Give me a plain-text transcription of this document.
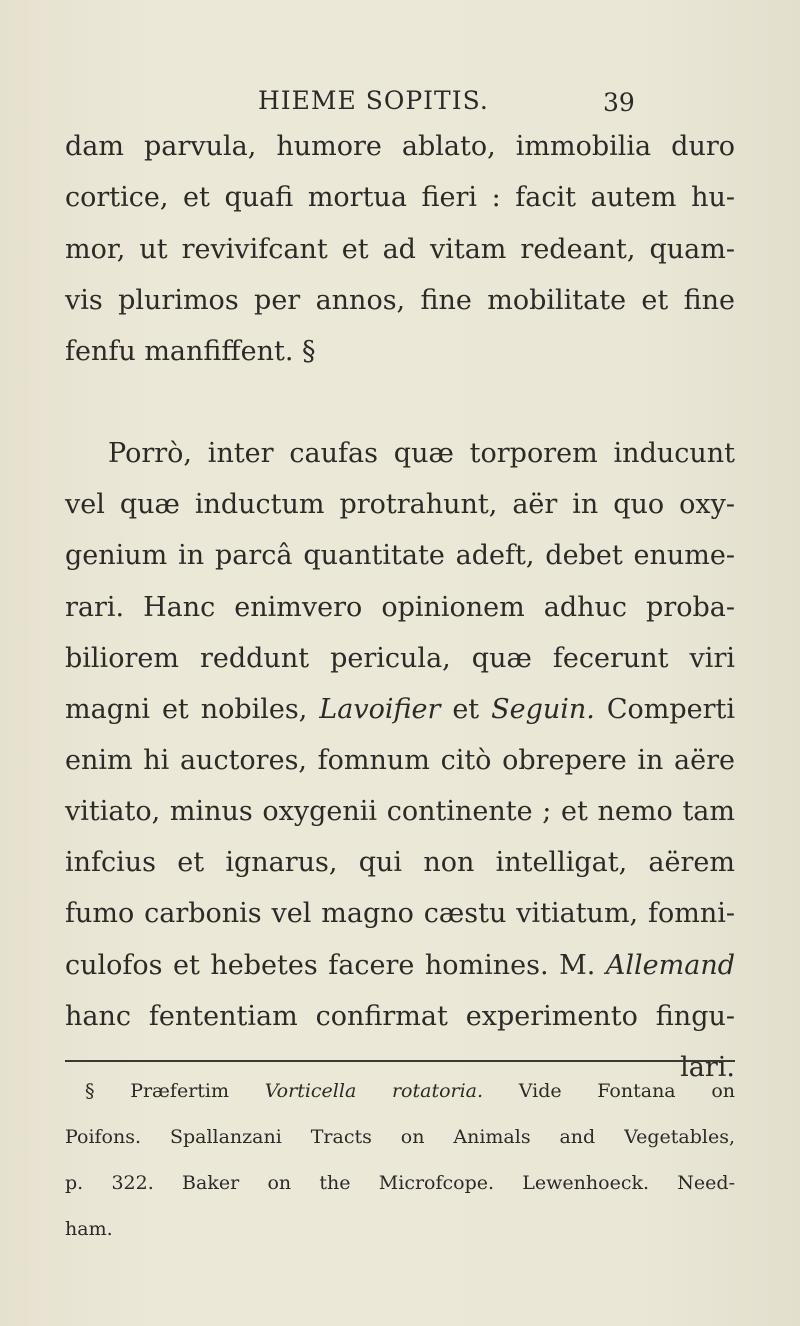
HIEME SOPITIS.	39
dam parvula, humore ablato, immobilia duro
cortice, et quafi mortua fieri : facit autem hu-
mor, ut revivifcant et ad vitam redeant, quam-
vis plurimos per annos, fine mobilitate et fine
fenfu manfiffent. §
Porrò, inter caufas quæ torporem inducunt
vel quæ inductum protrahunt, aër in quo oxy-
genium in parcâ quantitate adeft, debet enume-
rari. Hanc enimvero opinionem adhuc proba-
biliorem reddunt pericula, quæ fecerunt viri
magni et nobiles, Lavoifier et Seguin. Comperti
enim hi auctores, fomnum citò obrepere in aëre
vitiato, minus oxygenii continente ; et nemo tam
infcius et ignarus, qui non intelligat, aërem
fumo carbonis vel magno cæstu vitiatum, fomni-
culofos et hebetes facere homines. M. Allemand
hanc fententiam confirmat experimento fingu-
lari.
§ Præfertim Vorticella rotatoria. Vide Fontana on
Poifons. Spallanzani Tracts on Animals and Vegetables,
p. 322. Baker on the Microfcope. Lewenhoeck. Need-
ham.
